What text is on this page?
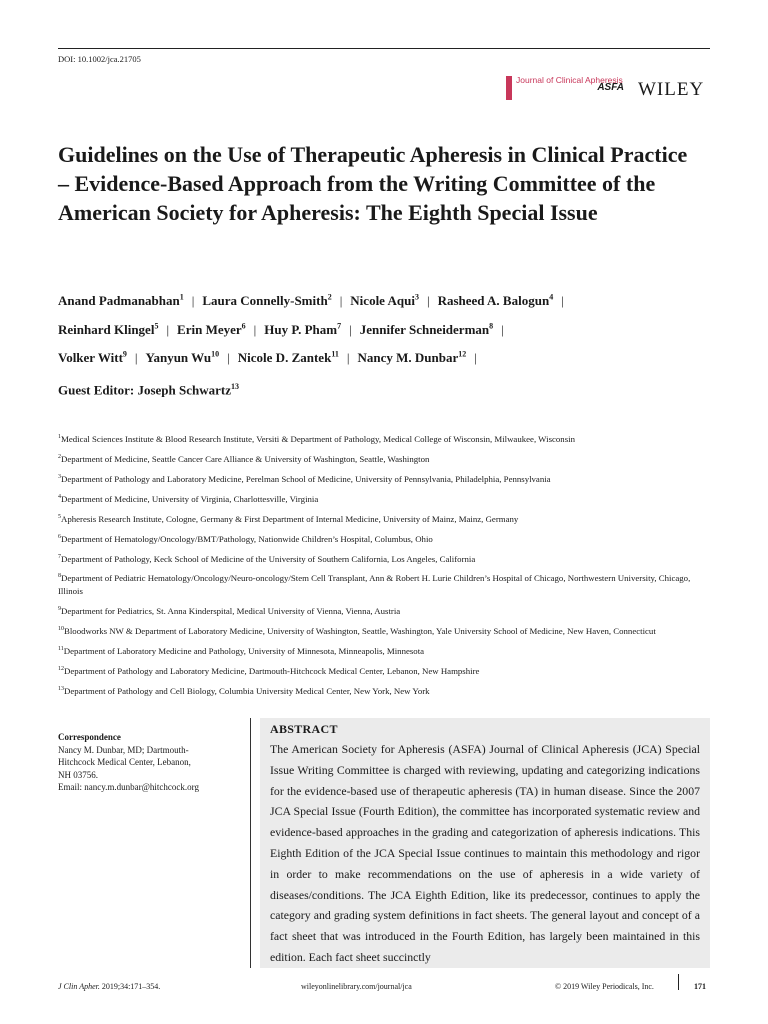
DOI: 10.1002/jca.21705
Journal of Clinical Apheresis
ASFA WILEY
Guidelines on the Use of Therapeutic Apheresis in Clinical Practice – Evidence-Based Approach from the Writing Committee of the American Society for Apheresis: The Eighth Special Issue
Anand Padmanabhan$^1$ | Laura Connelly-Smith$^2$ | Nicole Aqui$^3$ | Rasheed A. Balogun$^4$ |
Reinhard Klingel$^5$ | Erin Meyer$^6$ | Huy P. Pham$^7$ | Jennifer Schneiderman$^8$ |
Volker Witt$^9$ | Yanyun Wu$^{10}$ | Nicole D. Zantek$^{11}$ | Nancy M. Dunbar$^{12}$ |
Guest Editor: Joseph Schwartz$^{13}$
$^1$Medical Sciences Institute & Blood Research Institute, Versiti & Department of Pathology, Medical College of Wisconsin, Milwaukee, Wisconsin
$^2$Department of Medicine, Seattle Cancer Care Alliance & University of Washington, Seattle, Washington
$^3$Department of Pathology and Laboratory Medicine, Perelman School of Medicine, University of Pennsylvania, Philadelphia, Pennsylvania
$^4$Department of Medicine, University of Virginia, Charlottesville, Virginia
$^5$Apheresis Research Institute, Cologne, Germany & First Department of Internal Medicine, University of Mainz, Mainz, Germany
$^6$Department of Hematology/Oncology/BMT/Pathology, Nationwide Children’s Hospital, Columbus, Ohio
$^7$Department of Pathology, Keck School of Medicine of the University of Southern California, Los Angeles, California
$^8$Department of Pediatric Hematology/Oncology/Neuro-oncology/Stem Cell Transplant, Ann & Robert H. Lurie Children’s Hospital of Chicago, Northwestern University, Chicago, Illinois
$^9$Department for Pediatrics, St. Anna Kinderspital, Medical University of Vienna, Vienna, Austria
$^{10}$Bloodworks NW & Department of Laboratory Medicine, University of Washington, Seattle, Washington, Yale University School of Medicine, New Haven, Connecticut
$^{11}$Department of Laboratory Medicine and Pathology, University of Minnesota, Minneapolis, Minnesota
$^{12}$Department of Pathology and Laboratory Medicine, Dartmouth-Hitchcock Medical Center, Lebanon, New Hampshire
$^{13}$Department of Pathology and Cell Biology, Columbia University Medical Center, New York, New York
Correspondence
Nancy M. Dunbar, MD; Dartmouth-
Hitchcock Medical Center, Lebanon,
NH 03756.
Email: nancy.m.dunbar@hitchcock.org
ABSTRACT
The American Society for Apheresis (ASFA) Journal of Clinical Apheresis (JCA) Special Issue Writing Committee is charged with reviewing, updating and categorizing indications for the evidence-based use of therapeutic apheresis (TA) in human disease. Since the 2007 JCA Special Issue (Fourth Edition), the committee has incorporated systematic review and evidence-based approaches in the grading and categorization of apheresis indications. This Eighth Edition of the JCA Special Issue continues to maintain this methodology and rigor in order to make recommendations on the use of apheresis in a wide variety of diseases/conditions. The JCA Eighth Edition, like its predecessor, continues to apply the category and grading system definitions in fact sheets. The general layout and concept of a fact sheet that was introduced in the Fourth Edition, has largely been maintained in this edition. Each fact sheet succinctly
J Clin Apher. 2019;34:171–354.	wileyonlinelibrary.com/journal/jca	© 2019 Wiley Periodicals, Inc.	171
